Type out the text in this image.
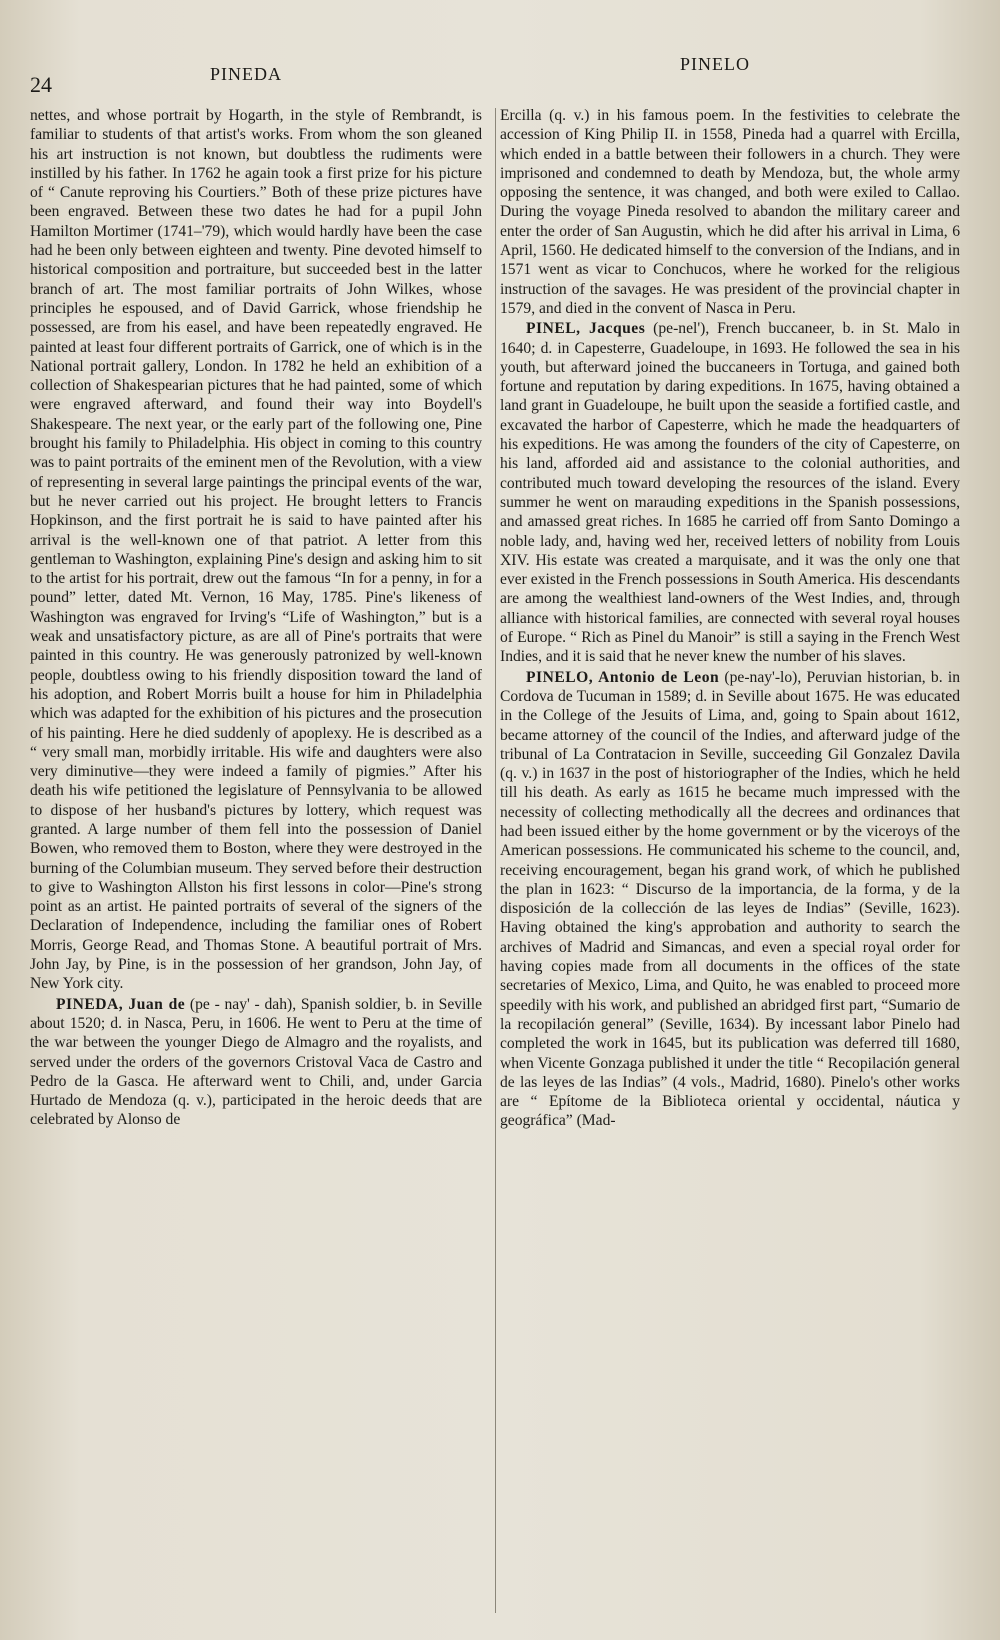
24	PINEDA	PINELO

nettes, and whose portrait by Hogarth, in the style of Rembrandt, is familiar to students of that artist's works. From whom the son gleaned his art instruction is not known, but doubtless the rudiments were instilled by his father. In 1762 he again took a first prize for his picture of “ Canute reproving his Courtiers.” Both of these prize pictures have been engraved. Between these two dates he had for a pupil John Hamilton Mortimer (1741–'79), which would hardly have been the case had he been only between eighteen and twenty. Pine devoted himself to historical composition and portraiture, but succeeded best in the latter branch of art. The most familiar portraits of John Wilkes, whose principles he espoused, and of David Garrick, whose friendship he possessed, are from his easel, and have been repeatedly engraved. He painted at least four different portraits of Garrick, one of which is in the National portrait gallery, London. In 1782 he held an exhibition of a collection of Shakespearian pictures that he had painted, some of which were engraved afterward, and found their way into Boydell's Shakespeare. The next year, or the early part of the following one, Pine brought his family to Philadelphia. His object in coming to this country was to paint portraits of the eminent men of the Revolution, with a view of representing in several large paintings the principal events of the war, but he never carried out his project. He brought letters to Francis Hopkinson, and the first portrait he is said to have painted after his arrival is the well-known one of that patriot. A letter from this gentleman to Washington, explaining Pine's design and asking him to sit to the artist for his portrait, drew out the famous “In for a penny, in for a pound” letter, dated Mt. Vernon, 16 May, 1785. Pine's likeness of Washington was engraved for Irving's “Life of Washington,” but is a weak and unsatisfactory picture, as are all of Pine's portraits that were painted in this country. He was generously patronized by well-known people, doubtless owing to his friendly disposition toward the land of his adoption, and Robert Morris built a house for him in Philadelphia which was adapted for the exhibition of his pictures and the prosecution of his painting. Here he died suddenly of apoplexy. He is described as a “ very small man, morbidly irritable. His wife and daughters were also very diminutive—they were indeed a family of pigmies.” After his death his wife petitioned the legislature of Pennsylvania to be allowed to dispose of her husband's pictures by lottery, which request was granted. A large number of them fell into the possession of Daniel Bowen, who removed them to Boston, where they were destroyed in the burning of the Columbian museum. They served before their destruction to give to Washington Allston his first lessons in color—Pine's strong point as an artist. He painted portraits of several of the signers of the Declaration of Independence, including the familiar ones of Robert Morris, George Read, and Thomas Stone. A beautiful portrait of Mrs. John Jay, by Pine, is in the possession of her grandson, John Jay, of New York city.

PINEDA, Juan de (pe - nay' - dah), Spanish soldier, b. in Seville about 1520; d. in Nasca, Peru, in 1606. He went to Peru at the time of the war between the younger Diego de Almagro and the royalists, and served under the orders of the governors Cristoval Vaca de Castro and Pedro de la Gasca. He afterward went to Chili, and, under Garcia Hurtado de Mendoza (q. v.), participated in the heroic deeds that are celebrated by Alonso de

Ercilla (q. v.) in his famous poem. In the festivities to celebrate the accession of King Philip II. in 1558, Pineda had a quarrel with Ercilla, which ended in a battle between their followers in a church. They were imprisoned and condemned to death by Mendoza, but, the whole army opposing the sentence, it was changed, and both were exiled to Callao. During the voyage Pineda resolved to abandon the military career and enter the order of San Augustin, which he did after his arrival in Lima, 6 April, 1560. He dedicated himself to the conversion of the Indians, and in 1571 went as vicar to Conchucos, where he worked for the religious instruction of the savages. He was president of the provincial chapter in 1579, and died in the convent of Nasca in Peru.

PINEL, Jacques (pe-nel'), French buccaneer, b. in St. Malo in 1640; d. in Capesterre, Guadeloupe, in 1693. He followed the sea in his youth, but afterward joined the buccaneers in Tortuga, and gained both fortune and reputation by daring expeditions. In 1675, having obtained a land grant in Guadeloupe, he built upon the seaside a fortified castle, and excavated the harbor of Capesterre, which he made the headquarters of his expeditions. He was among the founders of the city of Capesterre, on his land, afforded aid and assistance to the colonial authorities, and contributed much toward developing the resources of the island. Every summer he went on marauding expeditions in the Spanish possessions, and amassed great riches. In 1685 he carried off from Santo Domingo a noble lady, and, having wed her, received letters of nobility from Louis XIV. His estate was created a marquisate, and it was the only one that ever existed in the French possessions in South America. His descendants are among the wealthiest land-owners of the West Indies, and, through alliance with historical families, are connected with several royal houses of Europe. “ Rich as Pinel du Manoir” is still a saying in the French West Indies, and it is said that he never knew the number of his slaves.

PINELO, Antonio de Leon (pe-nay'-lo), Peruvian historian, b. in Cordova de Tucuman in 1589; d. in Seville about 1675. He was educated in the College of the Jesuits of Lima, and, going to Spain about 1612, became attorney of the council of the Indies, and afterward judge of the tribunal of La Contratacion in Seville, succeeding Gil Gonzalez Davila (q. v.) in 1637 in the post of historiographer of the Indies, which he held till his death. As early as 1615 he became much impressed with the necessity of collecting methodically all the decrees and ordinances that had been issued either by the home government or by the viceroys of the American possessions. He communicated his scheme to the council, and, receiving encouragement, began his grand work, of which he published the plan in 1623: “ Discurso de la importancia, de la forma, y de la disposición de la collección de las leyes de Indias” (Seville, 1623). Having obtained the king's approbation and authority to search the archives of Madrid and Simancas, and even a special royal order for having copies made from all documents in the offices of the state secretaries of Mexico, Lima, and Quito, he was enabled to proceed more speedily with his work, and published an abridged first part, “Sumario de la recopilación general” (Seville, 1634). By incessant labor Pinelo had completed the work in 1645, but its publication was deferred till 1680, when Vicente Gonzaga published it under the title “ Recopilación general de las leyes de las Indias” (4 vols., Madrid, 1680). Pinelo's other works are “ Epítome de la Biblioteca oriental y occidental, náutica y geográfica” (Mad-
